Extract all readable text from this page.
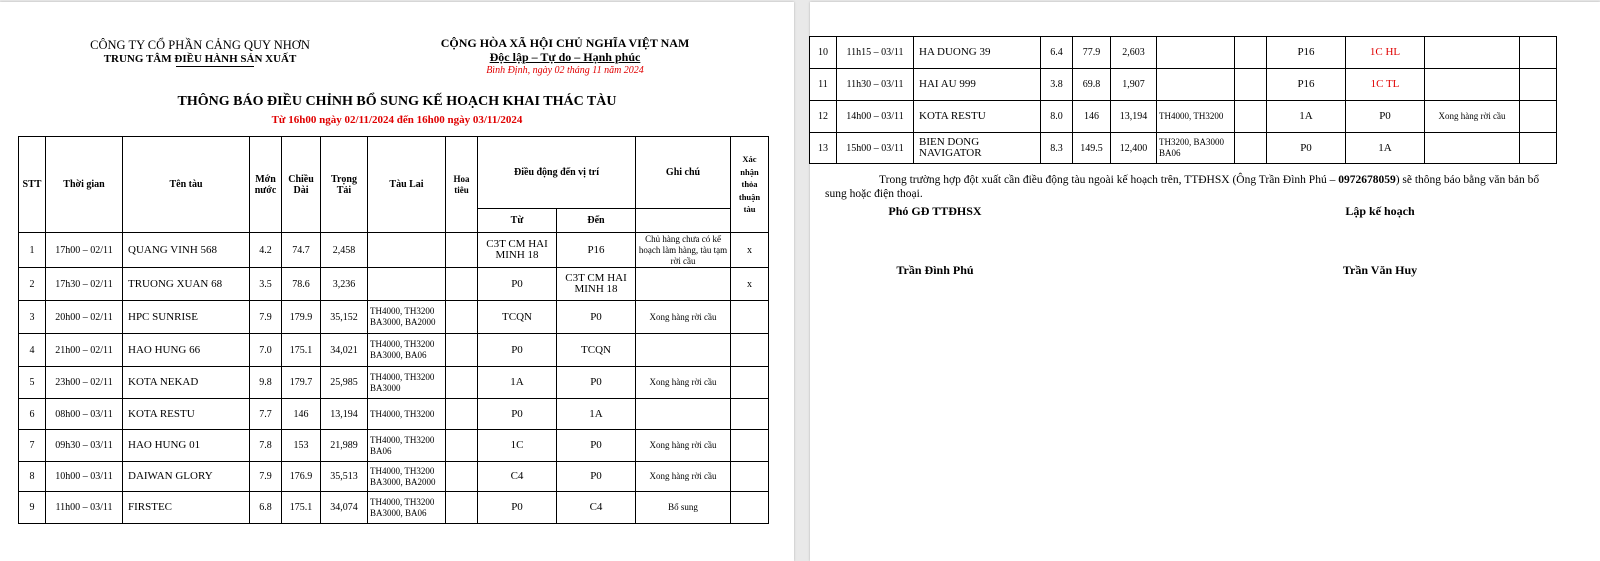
CÔNG TY CỔ PHẦN CẢNG QUY NHƠN
TRUNG TÂM ĐIỀU HÀNH SẢN XUẤT
CỘNG HÒA XÃ HỘI CHỦ NGHĨA VIỆT NAM
Độc lập – Tự do – Hạnh phúc
Bình Định, ngày 02 tháng 11 năm 2024
THÔNG BÁO ĐIỀU CHỈNH BỔ SUNG KẾ HOẠCH KHAI THÁC TÀU
Từ 16h00 ngày 02/11/2024 đến 16h00 ngày 03/11/2024
STT	Thời gian	Tên tàu	Mớn nước	Chiều Dài	Trọng Tải	Tàu Lai	Hoa tiêu	Điều động đến vị trí		Ghi chú	Xác nhận thỏa thuận tàu
								Từ	Đến		
1	17h00 – 02/11	QUANG VINH 568	4.2	74.7	2,458			C3T CM HAI MINH 18	P16	Chủ hàng chưa có kế hoạch làm hàng, tàu tạm rời cầu	x
2	17h30 – 02/11	TRUONG XUAN 68	3.5	78.6	3,236			P0	C3T CM HAI MINH 18		x
3	20h00 – 02/11	HPC SUNRISE	7.9	179.9	35,152	TH4000, TH3200 BA3000, BA2000		TCQN	P0	Xong hàng rời cầu	
4	21h00 – 02/11	HAO HUNG 66	7.0	175.1	34,021	TH4000, TH3200 BA3000, BA06		P0	TCQN		
5	23h00 – 02/11	KOTA NEKAD	9.8	179.7	25,985	TH4000, TH3200 BA3000		1A	P0	Xong hàng rời cầu	
6	08h00 – 03/11	KOTA RESTU	7.7	146	13,194	TH4000, TH3200		P0	1A		
7	09h30 – 03/11	HAO HUNG 01	7.8	153	21,989	TH4000, TH3200 BA06		1C	P0	Xong hàng rời cầu	
8	10h00 – 03/11	DAIWAN GLORY	7.9	176.9	35,513	TH4000, TH3200 BA3000, BA2000		C4	P0	Xong hàng rời cầu	
9	11h00 – 03/11	FIRSTEC	6.8	175.1	34,074	TH4000, TH3200 BA3000, BA06		P0	C4	Bổ sung	
10	11h15 – 03/11	HA DUONG 39	6.4	77.9	2,603			P16	1C HL		
11	11h30 – 03/11	HAI AU 999	3.8	69.8	1,907			P16	1C TL		
12	14h00 – 03/11	KOTA RESTU	8.0	146	13,194	TH4000, TH3200		1A	P0	Xong hàng rời cầu	
13	15h00 – 03/11	BIEN DONG NAVIGATOR	8.3	149.5	12,400	TH3200, BA3000 BA06		P0	1A		
Trong trường hợp đột xuất cần điều động tàu ngoài kế hoạch trên, TTĐHSX (Ông Trần Đình Phú – 0972678059) sẽ thông báo bằng văn bản bổ sung hoặc điện thoại.
Phó GĐ TTĐHSX	Lập kế hoạch
Trần Đình Phú	Trần Văn Huy
